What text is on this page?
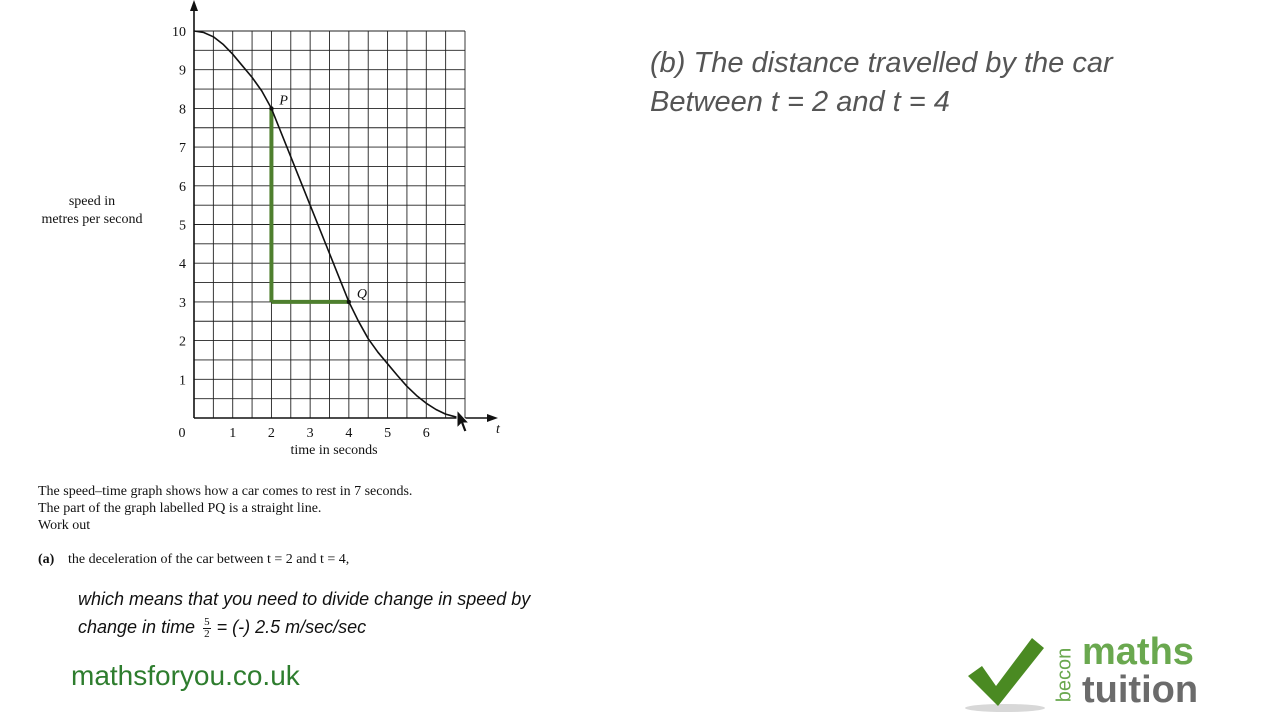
t
0	1 2 3 4 5 6
1
2
3
4
5
6
7
8
9
10
P
Q
speed in
metres per second
time in seconds
The speed–time graph shows how a car comes to rest in 7 seconds.
The part of the graph labelled PQ is a straight line.
Work out
(a) the deceleration of the car between t = 2 and t = 4,
which means that you need to divide change in speed by
change in time $\frac{5}{2}$ = (-) 2.5 m/sec/sec
(b) The distance travelled by the car
Between t = 2 and t = 4
mathsforyou.co.uk	becon maths
tuition
